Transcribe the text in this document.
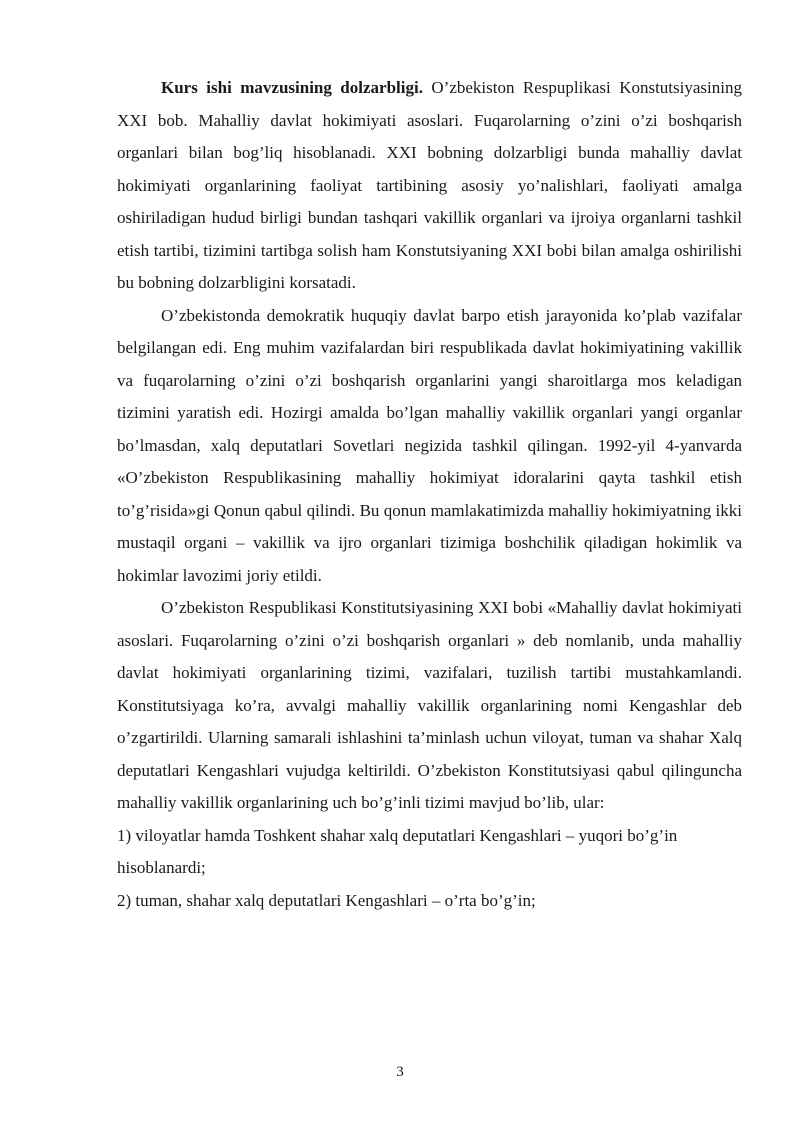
Kurs ishi mavzusining dolzarbligi. O’zbekiston Respuplikasi Konstutsiyasining XXI bob. Mahalliy davlat hokimiyati asoslari. Fuqarolarning o’zini o’zi boshqarish organlari bilan bog’liq hisoblanadi. XXI bobning dolzarbligi bunda mahalliy davlat hokimiyati organlarining faoliyat tartibining asosiy yo’nalishlari, faoliyati amalga oshiriladigan hudud birligi bundan tashqari vakillik organlari va ijroiya organlarni tashkil etish tartibi, tizimini tartibga solish ham Konstutsiyaning XXI bobi bilan amalga oshirilishi bu bobning dolzarbligini korsatadi.

O’zbekistonda demokratik huquqiy davlat barpo etish jarayonida ko’plab vazifalar belgilangan edi. Eng muhim vazifalardan biri respublikada davlat hokimiyatining vakillik va fuqarolarning o’zini o’zi boshqarish organlarini yangi sharoitlarga mos keladigan tizimini yaratish edi. Hozirgi amalda bo’lgan mahalliy vakillik organlari yangi organlar bo’lmasdan, xalq deputatlari Sovetlari negizida tashkil qilingan. 1992-yil 4-yanvarda «O’zbekiston Respublikasining mahalliy hokimiyat idoralarini qayta tashkil etish to’g’risida»gi Qonun qabul qilindi. Bu qonun mamlakatimizda mahalliy hokimiyatning ikki mustaqil organi – vakillik va ijro organlari tizimiga boshchilik qiladigan hokimlik va hokimlar lavozimi joriy etildi.

O’zbekiston Respublikasi Konstitutsiyasining XXI bobi «Mahalliy davlat hokimiyati asoslari. Fuqarolarning o’zini o’zi boshqarish organlari » deb nomlanib, unda mahalliy davlat hokimiyati organlarining tizimi, vazifalari, tuzilish tartibi mustahkamlandi. Konstitutsiyaga ko’ra, avvalgi mahalliy vakillik organlarining nomi Kengashlar deb o’zgartirildi. Ularning samarali ishlashini ta’minlash uchun viloyat, tuman va shahar Xalq deputatlari Kengashlari vujudga keltirildi. O’zbekiston Konstitutsiyasi qabul qilinguncha mahalliy vakillik organlarining uch bo’g’inli tizimi mavjud bo’lib, ular:

1) viloyatlar hamda Toshkent shahar xalq deputatlari Kengashlari – yuqori bo’g’in hisoblanardi;

2) tuman, shahar xalq deputatlari Kengashlari – o’rta bo’g’in;

3
